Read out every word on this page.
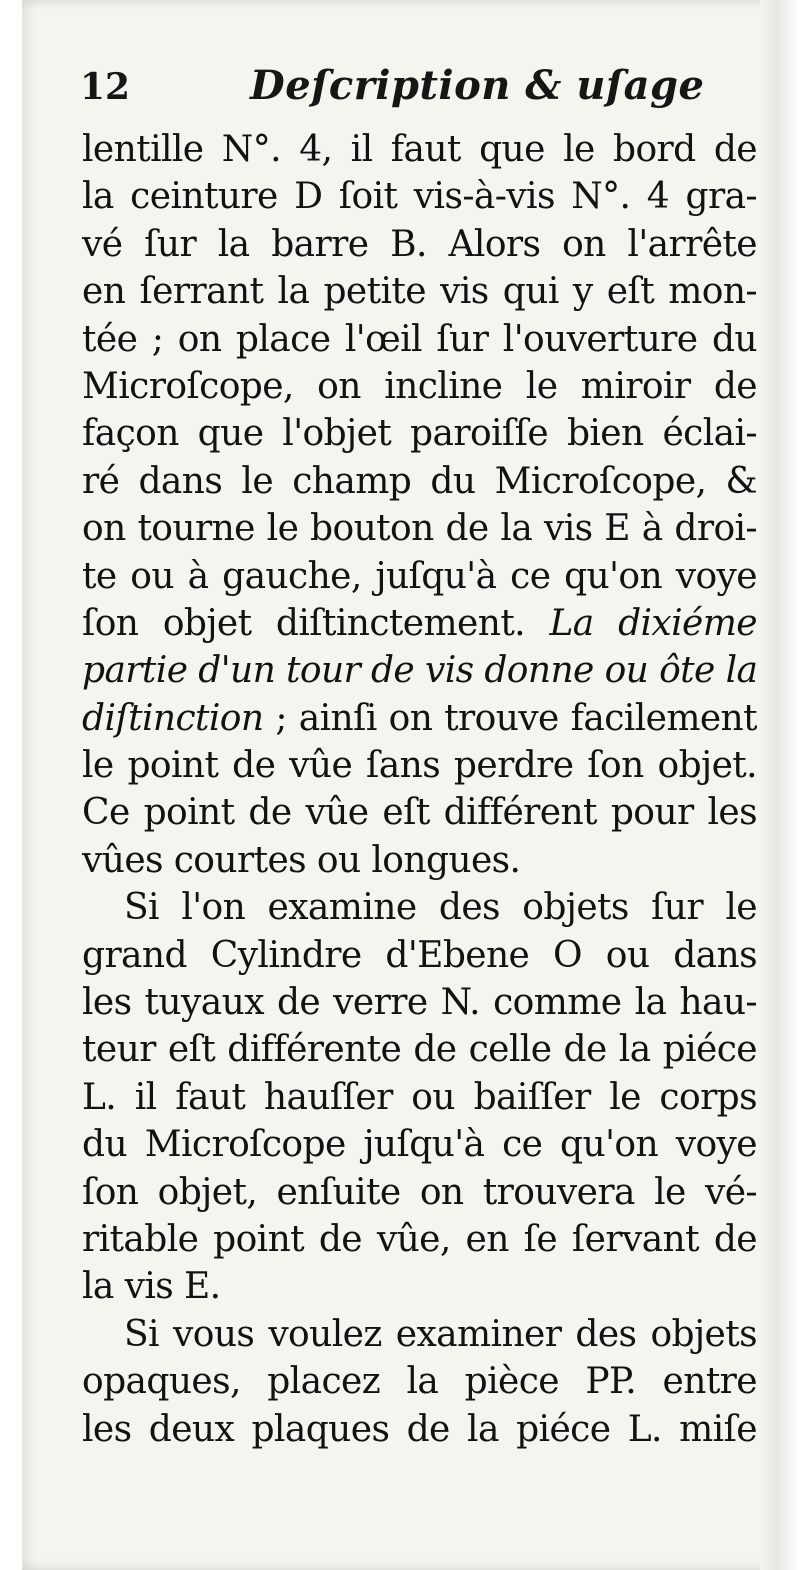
12	Deſcription & uſage
lentille N°. 4, il faut que le bord de
la ceinture D ſoit vis-à-vis N°. 4 gra-
vé ſur la barre B. Alors on l'arrête
en ſerrant la petite vis qui y eſt mon-
tée ; on place l'œil ſur l'ouverture du
Microſcope, on incline le miroir de
façon que l'objet paroiſſe bien éclai-
ré dans le champ du Microſcope, &
on tourne le bouton de la vis E à droi-
te ou à gauche, juſqu'à ce qu'on voye
ſon objet diſtinctement. La dixiéme
partie d'un tour de vis donne ou ôte la
diſtinction ; ainſi on trouve facilement
le point de vûe ſans perdre ſon objet.
Ce point de vûe eſt différent pour les
vûes courtes ou longues.
Si l'on examine des objets ſur le
grand Cylindre d'Ebene O ou dans
les tuyaux de verre N. comme la hau-
teur eſt différente de celle de la piéce
L. il faut hauſſer ou baiſſer le corps
du Microſcope juſqu'à ce qu'on voye
ſon objet, enſuite on trouvera le vé-
ritable point de vûe, en ſe ſervant de
la vis E.
Si vous voulez examiner des objets
opaques, placez la pièce PP. entre
les deux plaques de la piéce L. miſe
